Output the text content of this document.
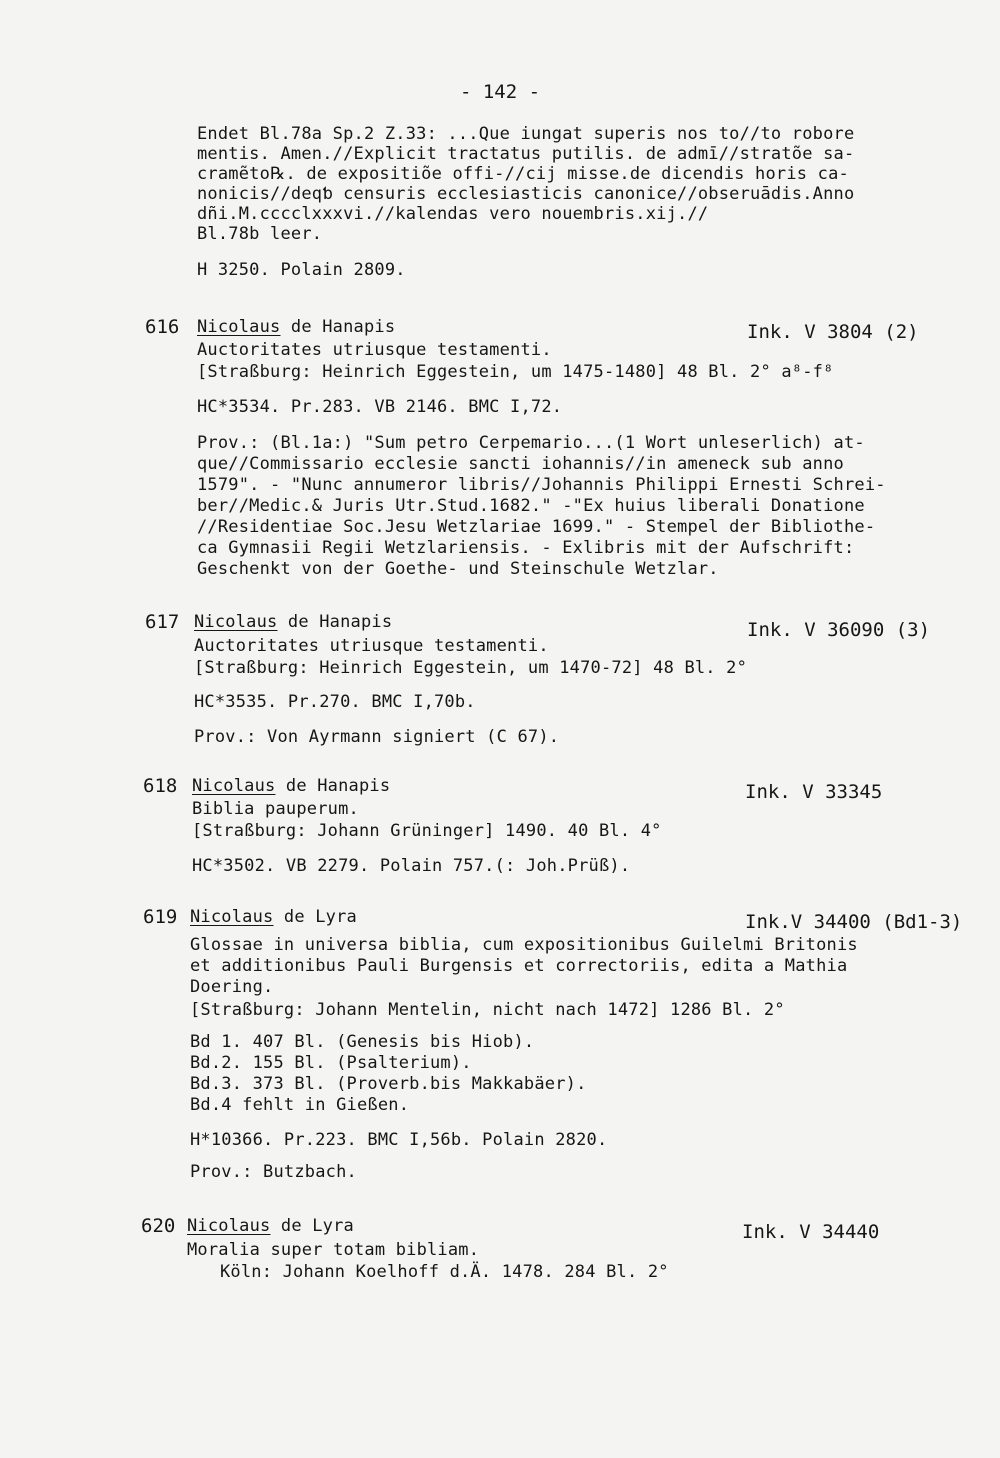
- 142 -
Endet Bl.78a Sp.2 Z.33: ...Que iungat superis nos to//to robore
mentis. Amen.//Explicit tractatus putilis. de admī//stratõe sa-
cramẽto℞. de expositiõe offi-//cij misse.de dicendis horis ca-
nonicis//deqƅ censuris ecclesiasticis canonice//obseruādis.Anno
dñi.M.cccclxxxvi.//kalendas vero nouembris.xij.//
Bl.78b leer.
H 3250. Polain 2809.
616 Nicolaus de Hanapis	Ink. V 3804 (2)
Auctoritates utriusque testamenti.
[Straßburg: Heinrich Eggestein, um 1475-1480] 48 Bl. 2° a⁸-f⁸
HC*3534. Pr.283. VB 2146. BMC I,72.
Prov.: (Bl.1a:) "Sum petro Cerpemario...(1 Wort unleserlich) at-
que//Commissario ecclesie sancti iohannis//in ameneck sub anno
1579". - "Nunc annumeror libris//Johannis Philippi Ernesti Schrei-
ber//Medic.& Juris Utr.Stud.1682." -"Ex huius liberali Donatione
//Residentiae Soc.Jesu Wetzlariae 1699." - Stempel der Bibliothe-
ca Gymnasii Regii Wetzlariensis. - Exlibris mit der Aufschrift:
Geschenkt von der Goethe- und Steinschule Wetzlar.
617 Nicolaus de Hanapis	Ink. V 36090 (3)
Auctoritates utriusque testamenti.
[Straßburg: Heinrich Eggestein, um 1470-72] 48 Bl. 2°
HC*3535. Pr.270. BMC I,70b.
Prov.: Von Ayrmann signiert (C 67).
618 Nicolaus de Hanapis	Ink. V 33345
Biblia pauperum.
[Straßburg: Johann Grüninger] 1490. 40 Bl. 4°
HC*3502. VB 2279. Polain 757.(: Joh.Prüß).
619 Nicolaus de Lyra	Ink.V 34400 (Bd1-3)
Glossae in universa biblia, cum expositionibus Guilelmi Britonis
et additionibus Pauli Burgensis et correctoriis, edita a Mathia
Doering.
[Straßburg: Johann Mentelin, nicht nach 1472] 1286 Bl. 2°
Bd 1. 407 Bl. (Genesis bis Hiob).
Bd.2. 155 Bl. (Psalterium).
Bd.3. 373 Bl. (Proverb.bis Makkabäer).
Bd.4 fehlt in Gießen.
H*10366. Pr.223. BMC I,56b. Polain 2820.
Prov.: Butzbach.
620 Nicolaus de Lyra	Ink. V 34440
Moralia super totam bibliam.
Köln: Johann Koelhoff d.Ä. 1478. 284 Bl. 2°
